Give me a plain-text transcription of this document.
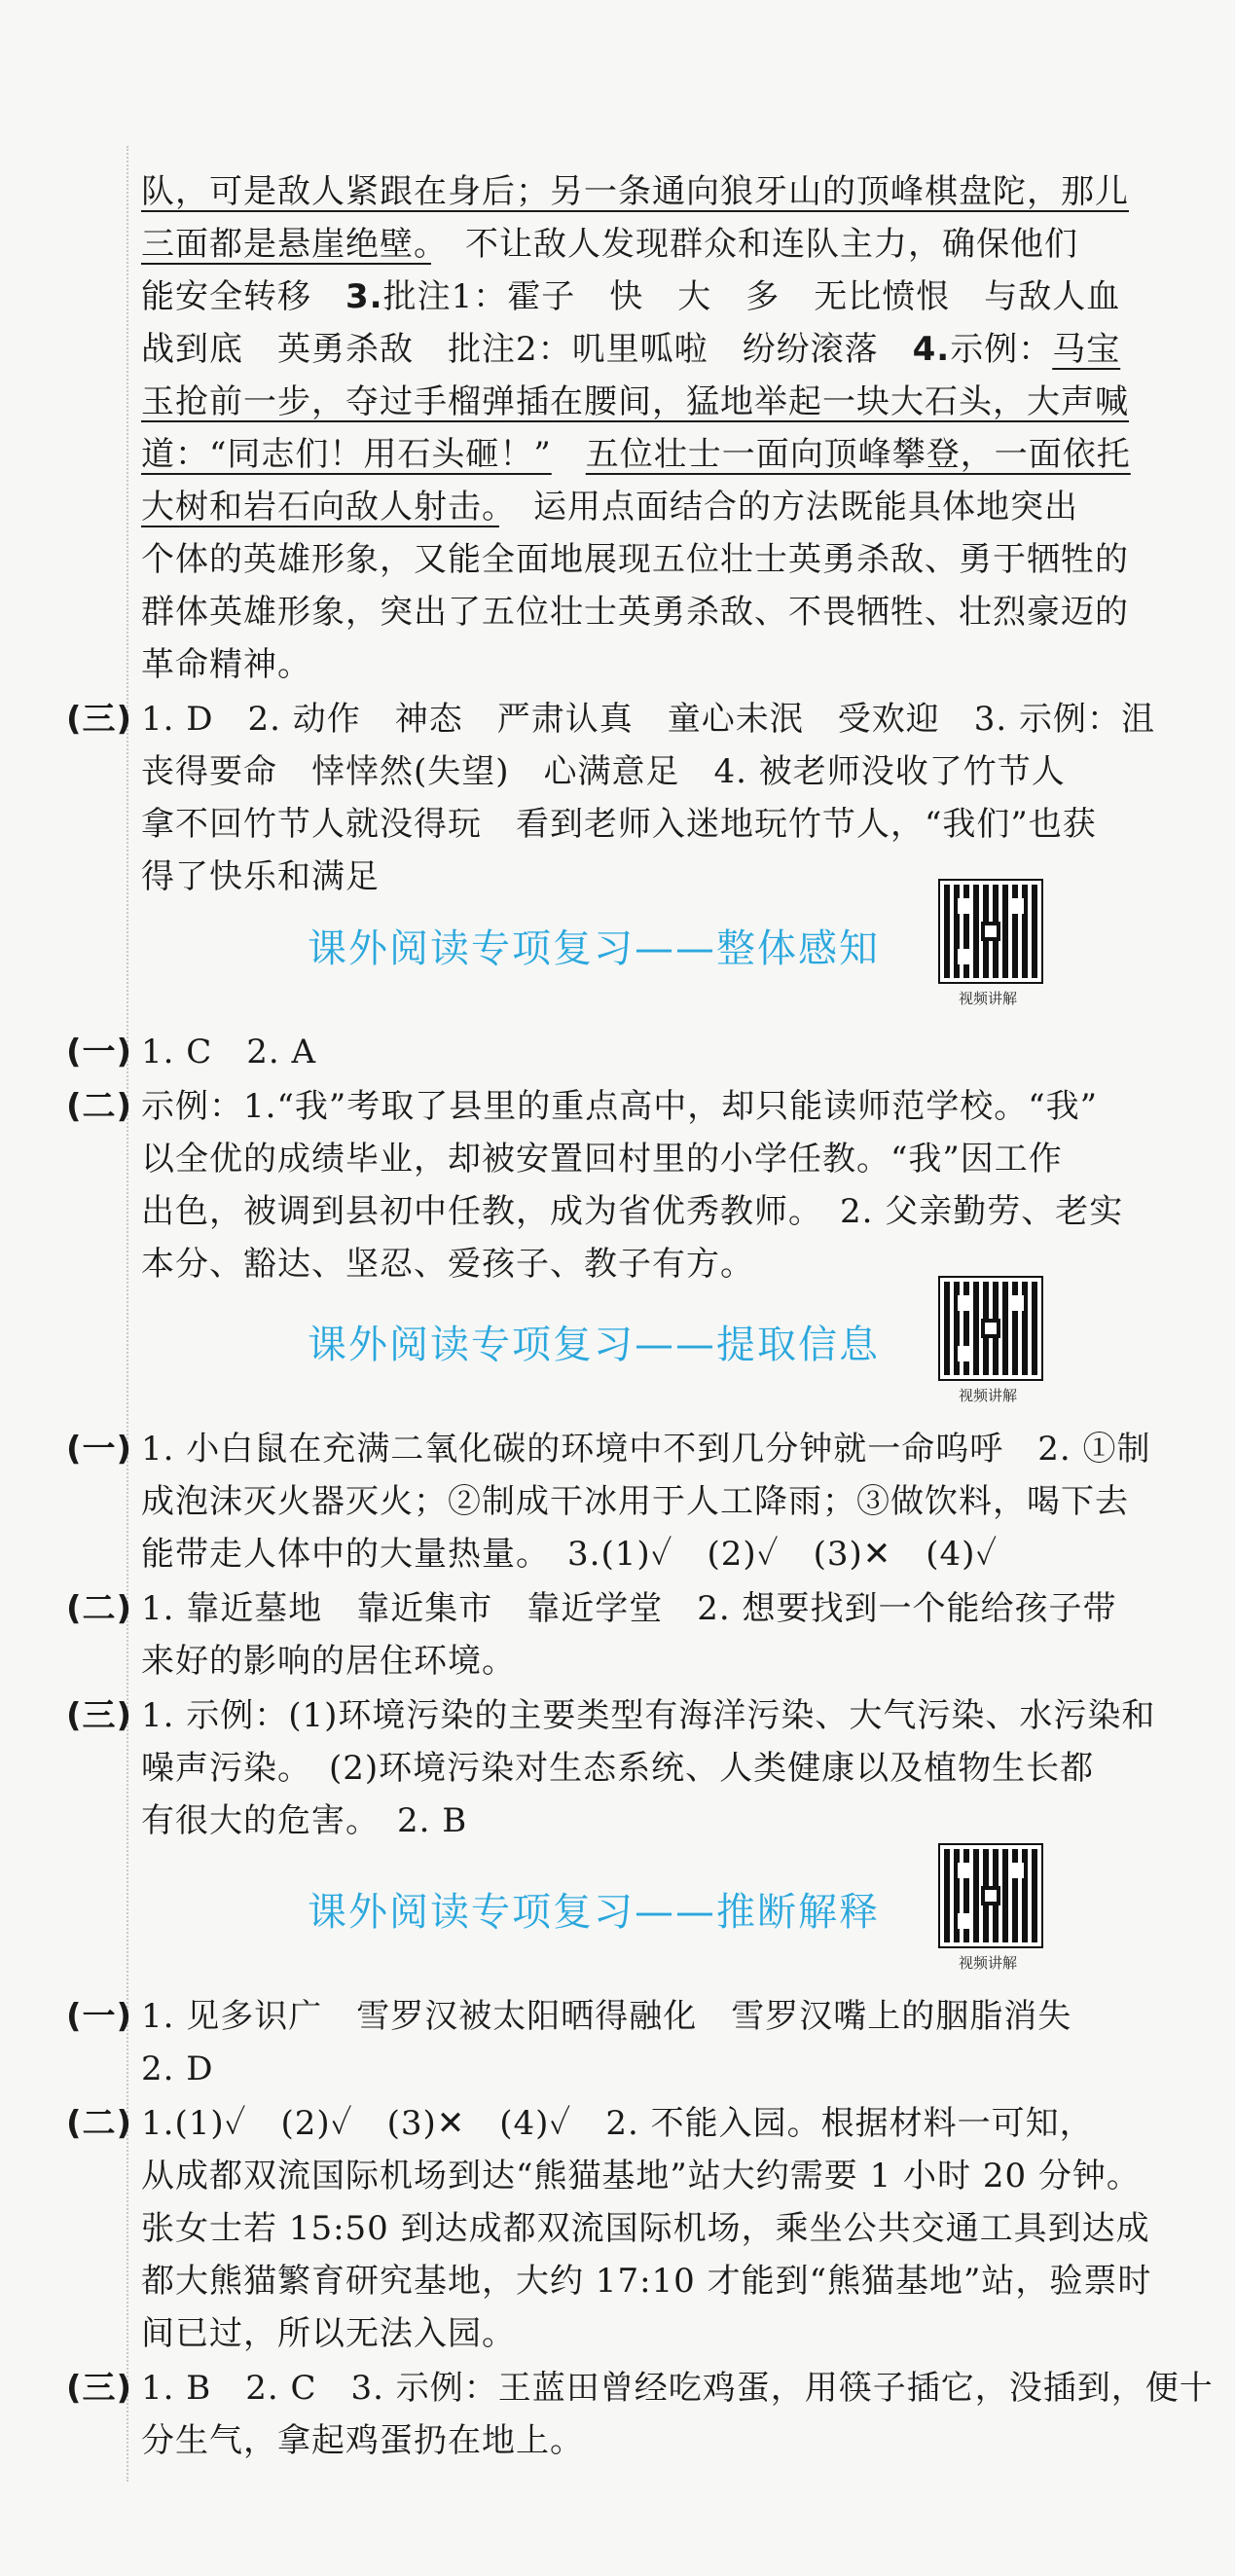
队，可是敌人紧跟在身后；另一条通向狼牙山的顶峰棋盘陀，那儿
三面都是悬崖绝壁。　 不让敌人发现群众和连队主力，确保他们
能安全转移　 3.批注1：霍子　快　大　多　无比愤恨　与敌人血
战到底　英勇杀敌　批注2：叽里呱啦　纷纷滚落　 4.示例：马宝
玉抢前一步，夺过手榴弹插在腰间，猛地举起一块大石头，大声喊
道：“同志们！用石头砸！”　 五位壮士一面向顶峰攀登，一面依托
大树和岩石向敌人射击。　 运用点面结合的方法既能具体地突出
个体的英雄形象，又能全面地展现五位壮士英勇杀敌、勇于牺牲的
群体英雄形象，突出了五位壮士英勇杀敌、不畏牺牲、壮烈豪迈的
革命精神。
(三) 1. D　2. 动作　神态　严肃认真　童心未泯　受欢迎　3. 示例：沮
丧得要命　悻悻然(失望)　心满意足　4. 被老师没收了竹节人
拿不回竹节人就没得玩　看到老师入迷地玩竹节人，“我们”也获
得了快乐和满足
课外阅读专项复习——整体感知
视频讲解
(一) 1. C　2. A
(二) 示例：1.“我”考取了县里的重点高中，却只能读师范学校。“我”
以全优的成绩毕业，却被安置回村里的小学任教。“我”因工作
出色，被调到县初中任教，成为省优秀教师。　2. 父亲勤劳、老实
本分、豁达、坚忍、爱孩子、教子有方。
课外阅读专项复习——提取信息
视频讲解
(一) 1. 小白鼠在充满二氧化碳的环境中不到几分钟就一命呜呼　2. ①制
成泡沫灭火器灭火；②制成干冰用于人工降雨；③做饮料，喝下去
能带走人体中的大量热量。　3.(1)✓　(2)✓　(3)✕　(4)✓
(二) 1. 靠近墓地　靠近集市　靠近学堂　2. 想要找到一个能给孩子带
来好的影响的居住环境。
(三) 1. 示例：(1)环境污染的主要类型有海洋污染、大气污染、水污染和
噪声污染。　(2)环境污染对生态系统、人类健康以及植物生长都
有很大的危害。　2. B
课外阅读专项复习——推断解释
视频讲解
(一) 1. 见多识广　雪罗汉被太阳晒得融化　雪罗汉嘴上的胭脂消失
2. D
(二) 1.(1)✓　(2)✓　(3)✕　(4)✓　2. 不能入园。根据材料一可知，
从成都双流国际机场到达“熊猫基地”站大约需要 1 小时 20 分钟。
张女士若 15:50 到达成都双流国际机场，乘坐公共交通工具到达成
都大熊猫繁育研究基地，大约 17:10 才能到“熊猫基地”站，验票时
间已过，所以无法入园。
(三) 1. B　2. C　3. 示例：王蓝田曾经吃鸡蛋，用筷子插它，没插到，便十
分生气，拿起鸡蛋扔在地上。
